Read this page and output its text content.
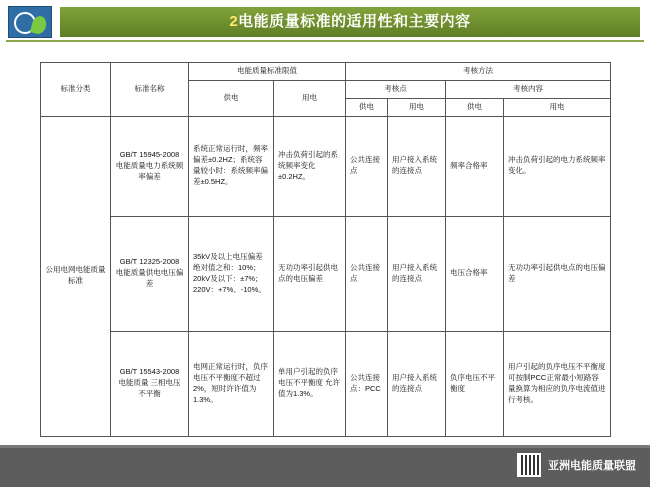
2电能质量标准的适用性和主要内容
标准分类	标准名称	电能质量标准限值		考核方法			
		供电	用电	考核点		考核内容	
				供电	用电	供电	用电
公用电网电能质量标准	GB/T 15945-2008 电能质量电力系统频率偏差	系统正常运行时，频率偏差±0.2HZ；系统容量较小时：系统频率偏差±0.5HZ。	冲击负荷引起的系统频率变化±0.2HZ。	公共连接点	用户接入系统的连接点	频率合格率	冲击负荷引起的电力系统频率变化。
	GB/T 12325-2008 电能质量供电电压偏差	35kV及以上电压偏差绝对值之和：10%；20kV及以下：±7%；220V：+7%、-10%。	无功功率引起供电点的电压偏差	公共连接点	用户接入系统的连接点	电压合格率	无功功率引起供电点的电压偏差
	GB/T 15543-2008 电能质量 三相电压不平衡	电网正常运行时，负序电压不平衡度不超过2%，短时许许值为1.3%。	单用户引起的负序电压不平衡度 允许值为1.3%。	公共连接点：PCC	用户接入系统的连接点	负序电压不平衡度	用户引起的负序电压不平衡度可按制PCC正常最小短路容量换算为相应的负序电流值进行考核。
亚洲电能质量联盟
